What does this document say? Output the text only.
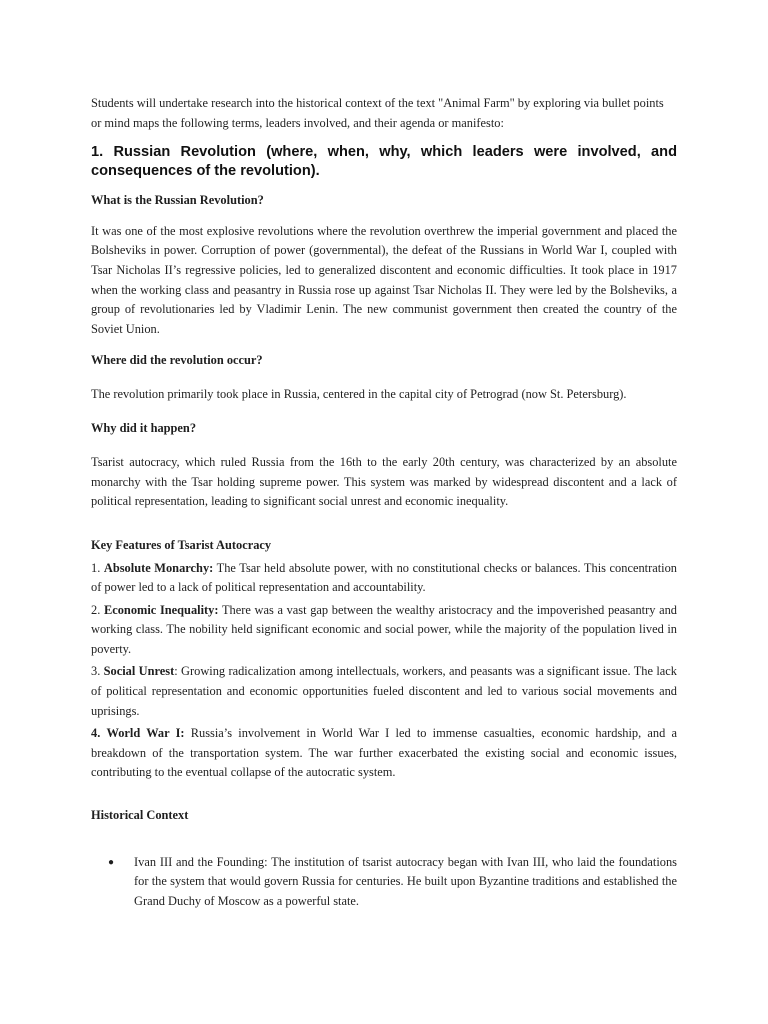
Students will undertake research into the historical context of the text "Animal Farm" by exploring via bullet points or mind maps the following terms, leaders involved, and their agenda or manifesto:

1. Russian Revolution (where, when, why, which leaders were involved, and consequences of the revolution).

What is the Russian Revolution?

It was one of the most explosive revolutions where the revolution overthrew the imperial government and placed the Bolsheviks in power. Corruption of power (governmental), the defeat of the Russians in World War I, coupled with Tsar Nicholas II’s regressive policies, led to generalized discontent and economic difficulties. It took place in 1917 when the working class and peasantry in Russia rose up against Tsar Nicholas II. They were led by the Bolsheviks, a group of revolutionaries led by Vladimir Lenin. The new communist government then created the country of the Soviet Union.

Where did the revolution occur?

The revolution primarily took place in Russia, centered in the capital city of Petrograd (now St. Petersburg).

Why did it happen?

Tsarist autocracy, which ruled Russia from the 16th to the early 20th century, was characterized by an absolute monarchy with the Tsar holding supreme power. This system was marked by widespread discontent and a lack of political representation, leading to significant social unrest and economic inequality.

Key Features of Tsarist Autocracy

1. Absolute Monarchy: The Tsar held absolute power, with no constitutional checks or balances. This concentration of power led to a lack of political representation and accountability.

2. Economic Inequality: There was a vast gap between the wealthy aristocracy and the impoverished peasantry and working class. The nobility held significant economic and social power, while the majority of the population lived in poverty.

3. Social Unrest: Growing radicalization among intellectuals, workers, and peasants was a significant issue. The lack of political representation and economic opportunities fueled discontent and led to various social movements and uprisings.

4. World War I: Russia’s involvement in World War I led to immense casualties, economic hardship, and a breakdown of the transportation system. The war further exacerbated the existing social and economic issues, contributing to the eventual collapse of the autocratic system.

Historical Context

● Ivan III and the Founding: The institution of tsarist autocracy began with Ivan III, who laid the foundations for the system that would govern Russia for centuries. He built upon Byzantine traditions and established the Grand Duchy of Moscow as a powerful state.
